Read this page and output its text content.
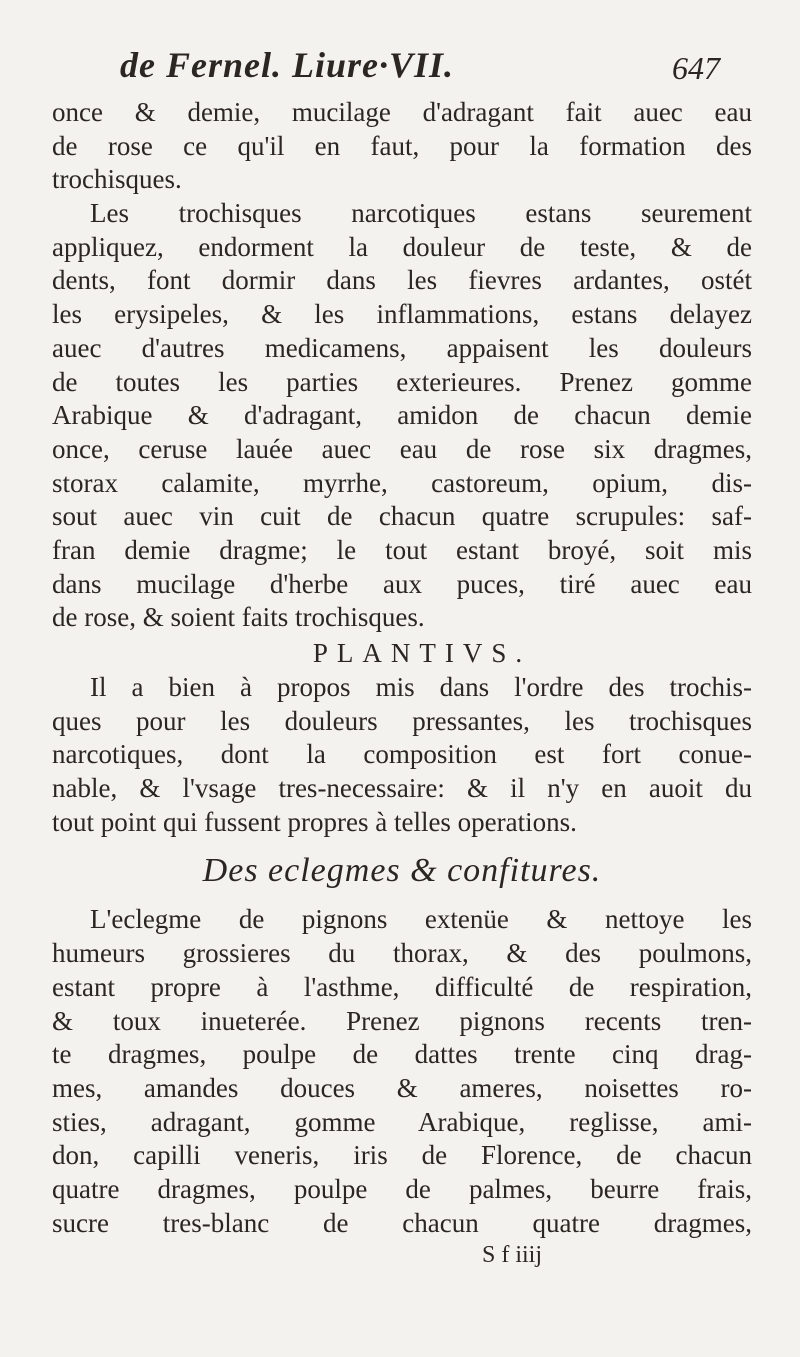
de Fernel. Liure·VII.	647
once & demie, mucilage d'adragant fait auec eau
de rose ce qu'il en faut, pour la formation des
trochisques.
Les trochisques narcotiques estans seurement
appliquez, endorment la douleur de teste, & de
dents, font dormir dans les fievres ardantes, ostét
les erysipeles, & les inflammations, estans delayez
auec d'autres medicamens, appaisent les douleurs
de toutes les parties exterieures. Prenez gomme
Arabique & d'adragant, amidon de chacun demie
once, ceruse lauée auec eau de rose six dragmes,
storax calamite, myrrhe, castoreum, opium, dis-
sout auec vin cuit de chacun quatre scrupules: saf-
fran demie dragme; le tout estant broyé, soit mis
dans mucilage d'herbe aux puces, tiré auec eau
de rose, & soient faits trochisques.
PLANTIVS.
Il a bien à propos mis dans l'ordre des trochis-
ques pour les douleurs pressantes, les trochisques
narcotiques, dont la composition est fort conue-
nable, & l'vsage tres-necessaire: & il n'y en auoit du
tout point qui fussent propres à telles operations.
Des eclegmes & confitures.
L'eclegme de pignons extenüe & nettoye les
humeurs grossieres du thorax, & des poulmons,
estant propre à l'asthme, difficulté de respiration,
& toux inueterée. Prenez pignons recents tren-
te dragmes, poulpe de dattes trente cinq drag-
mes, amandes douces & ameres, noisettes ro-
sties, adragant, gomme Arabique, reglisse, ami-
don, capilli veneris, iris de Florence, de chacun
quatre dragmes, poulpe de palmes, beurre frais,
sucre tres-blanc de chacun quatre dragmes,
S f iiij
